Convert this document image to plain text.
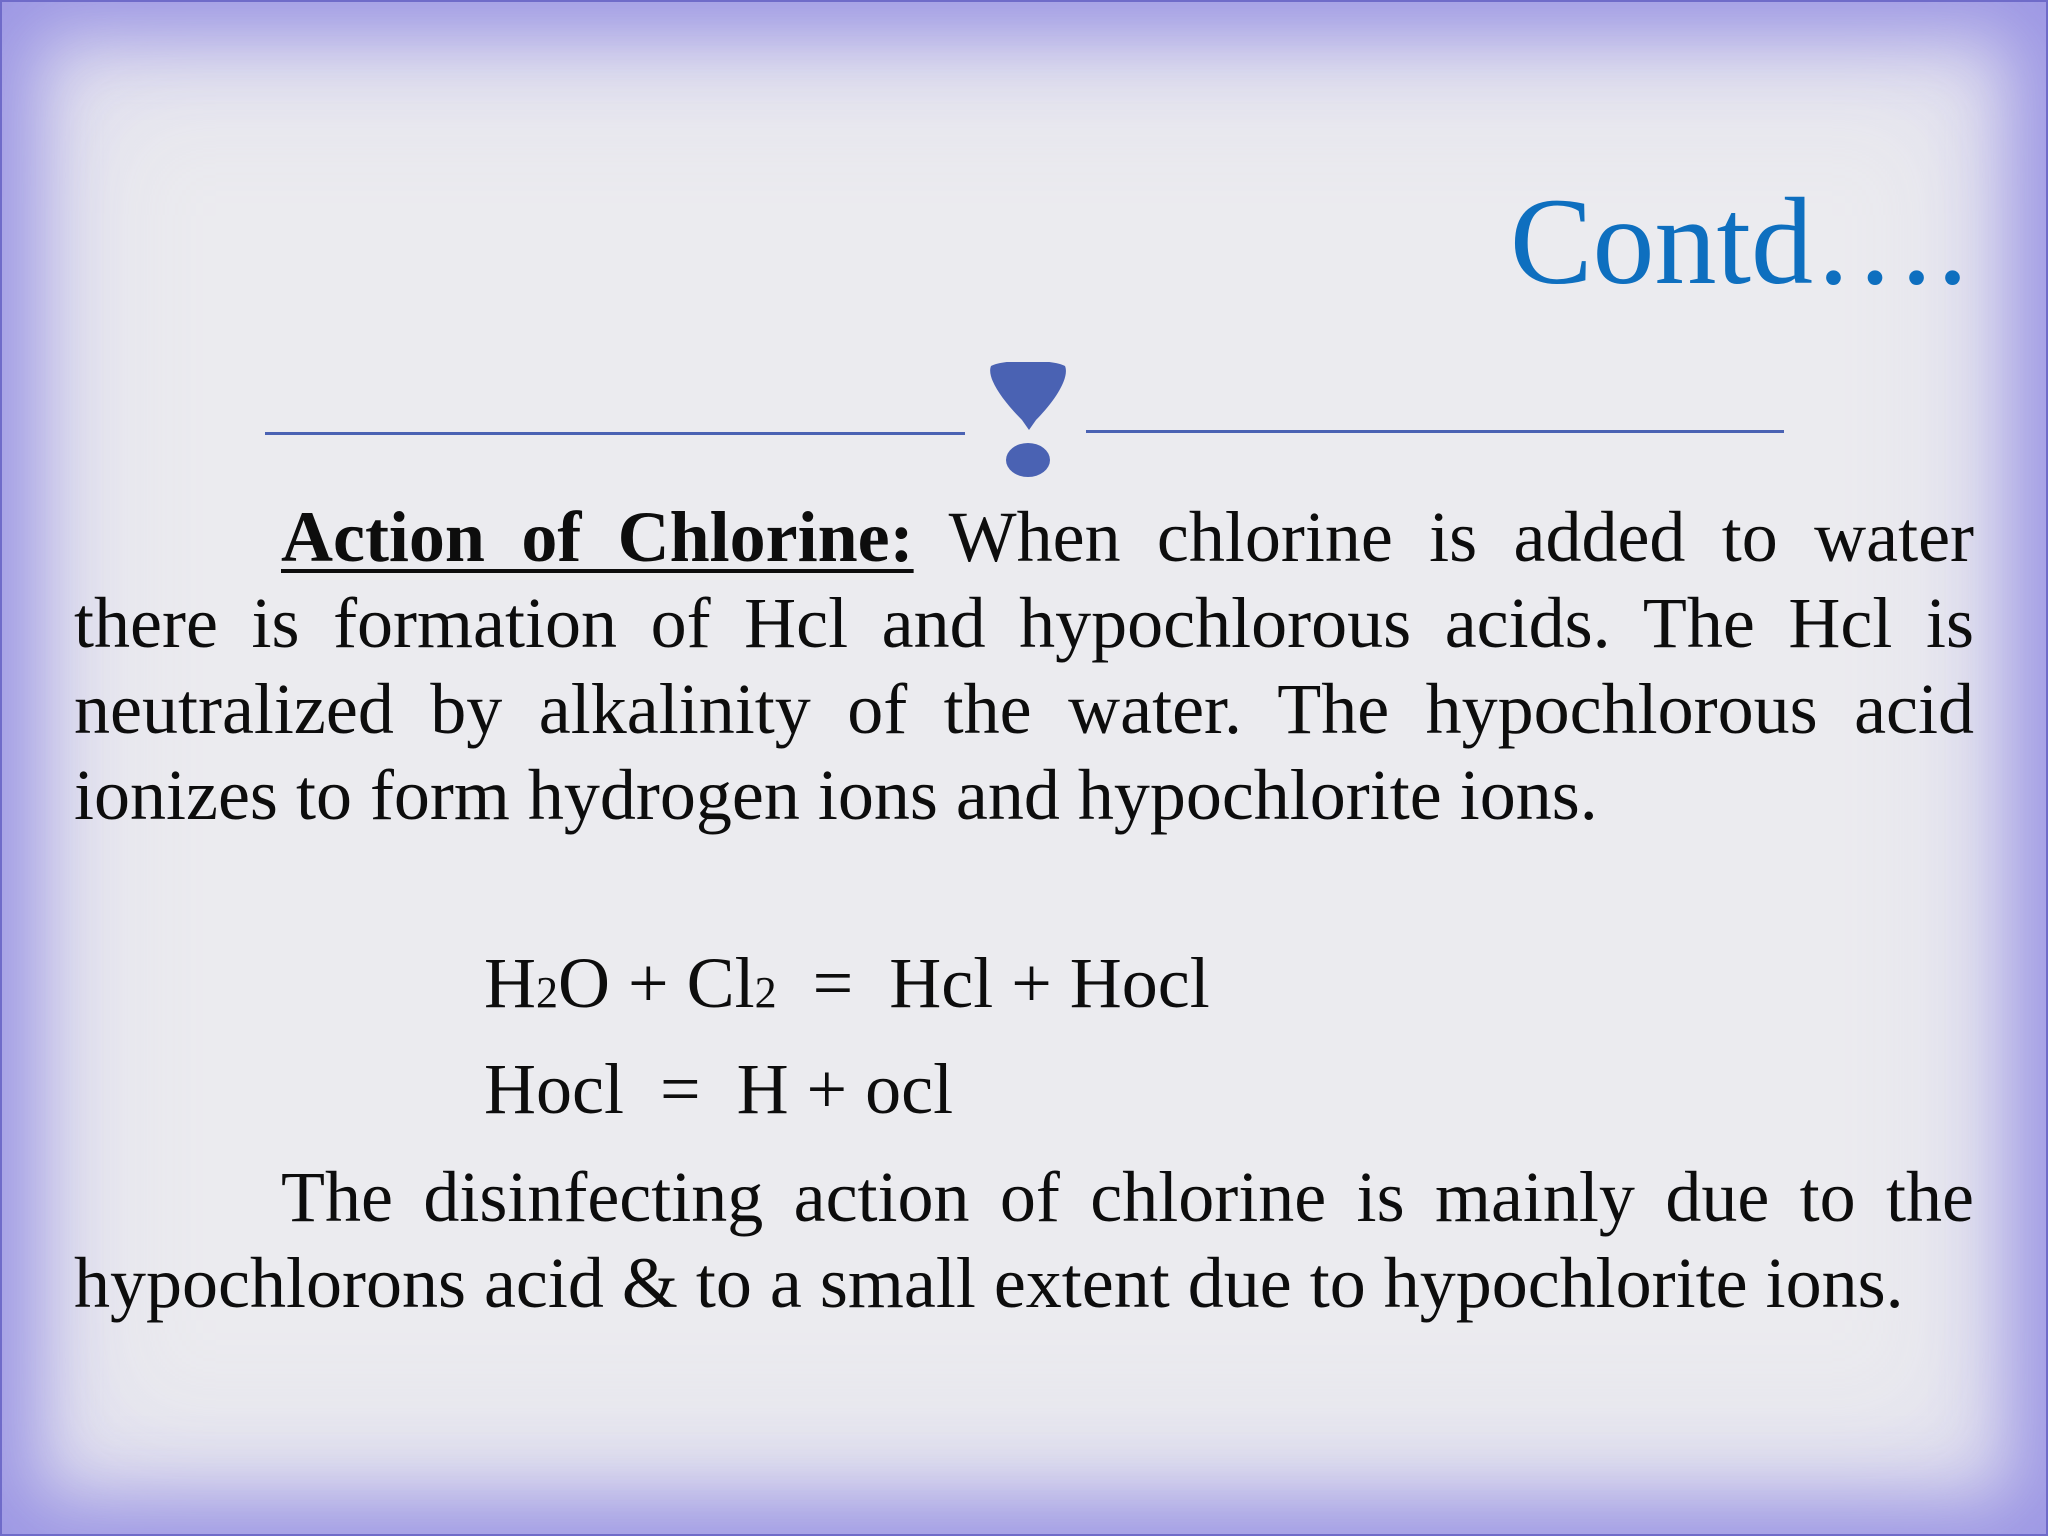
Contd….

Action of Chlorine: When chlorine is added to water there is formation of Hcl and hypochlorous acids. The Hcl is neutralized by alkalinity of the water. The hypochlorous acid ionizes to form hydrogen ions and hypochlorite ions.

H2O + Cl2  =  Hcl + Hocl

Hocl  =  H + ocl

The disinfecting action of chlorine is mainly due to the hypochlorons acid & to a small extent due to hypochlorite ions.
